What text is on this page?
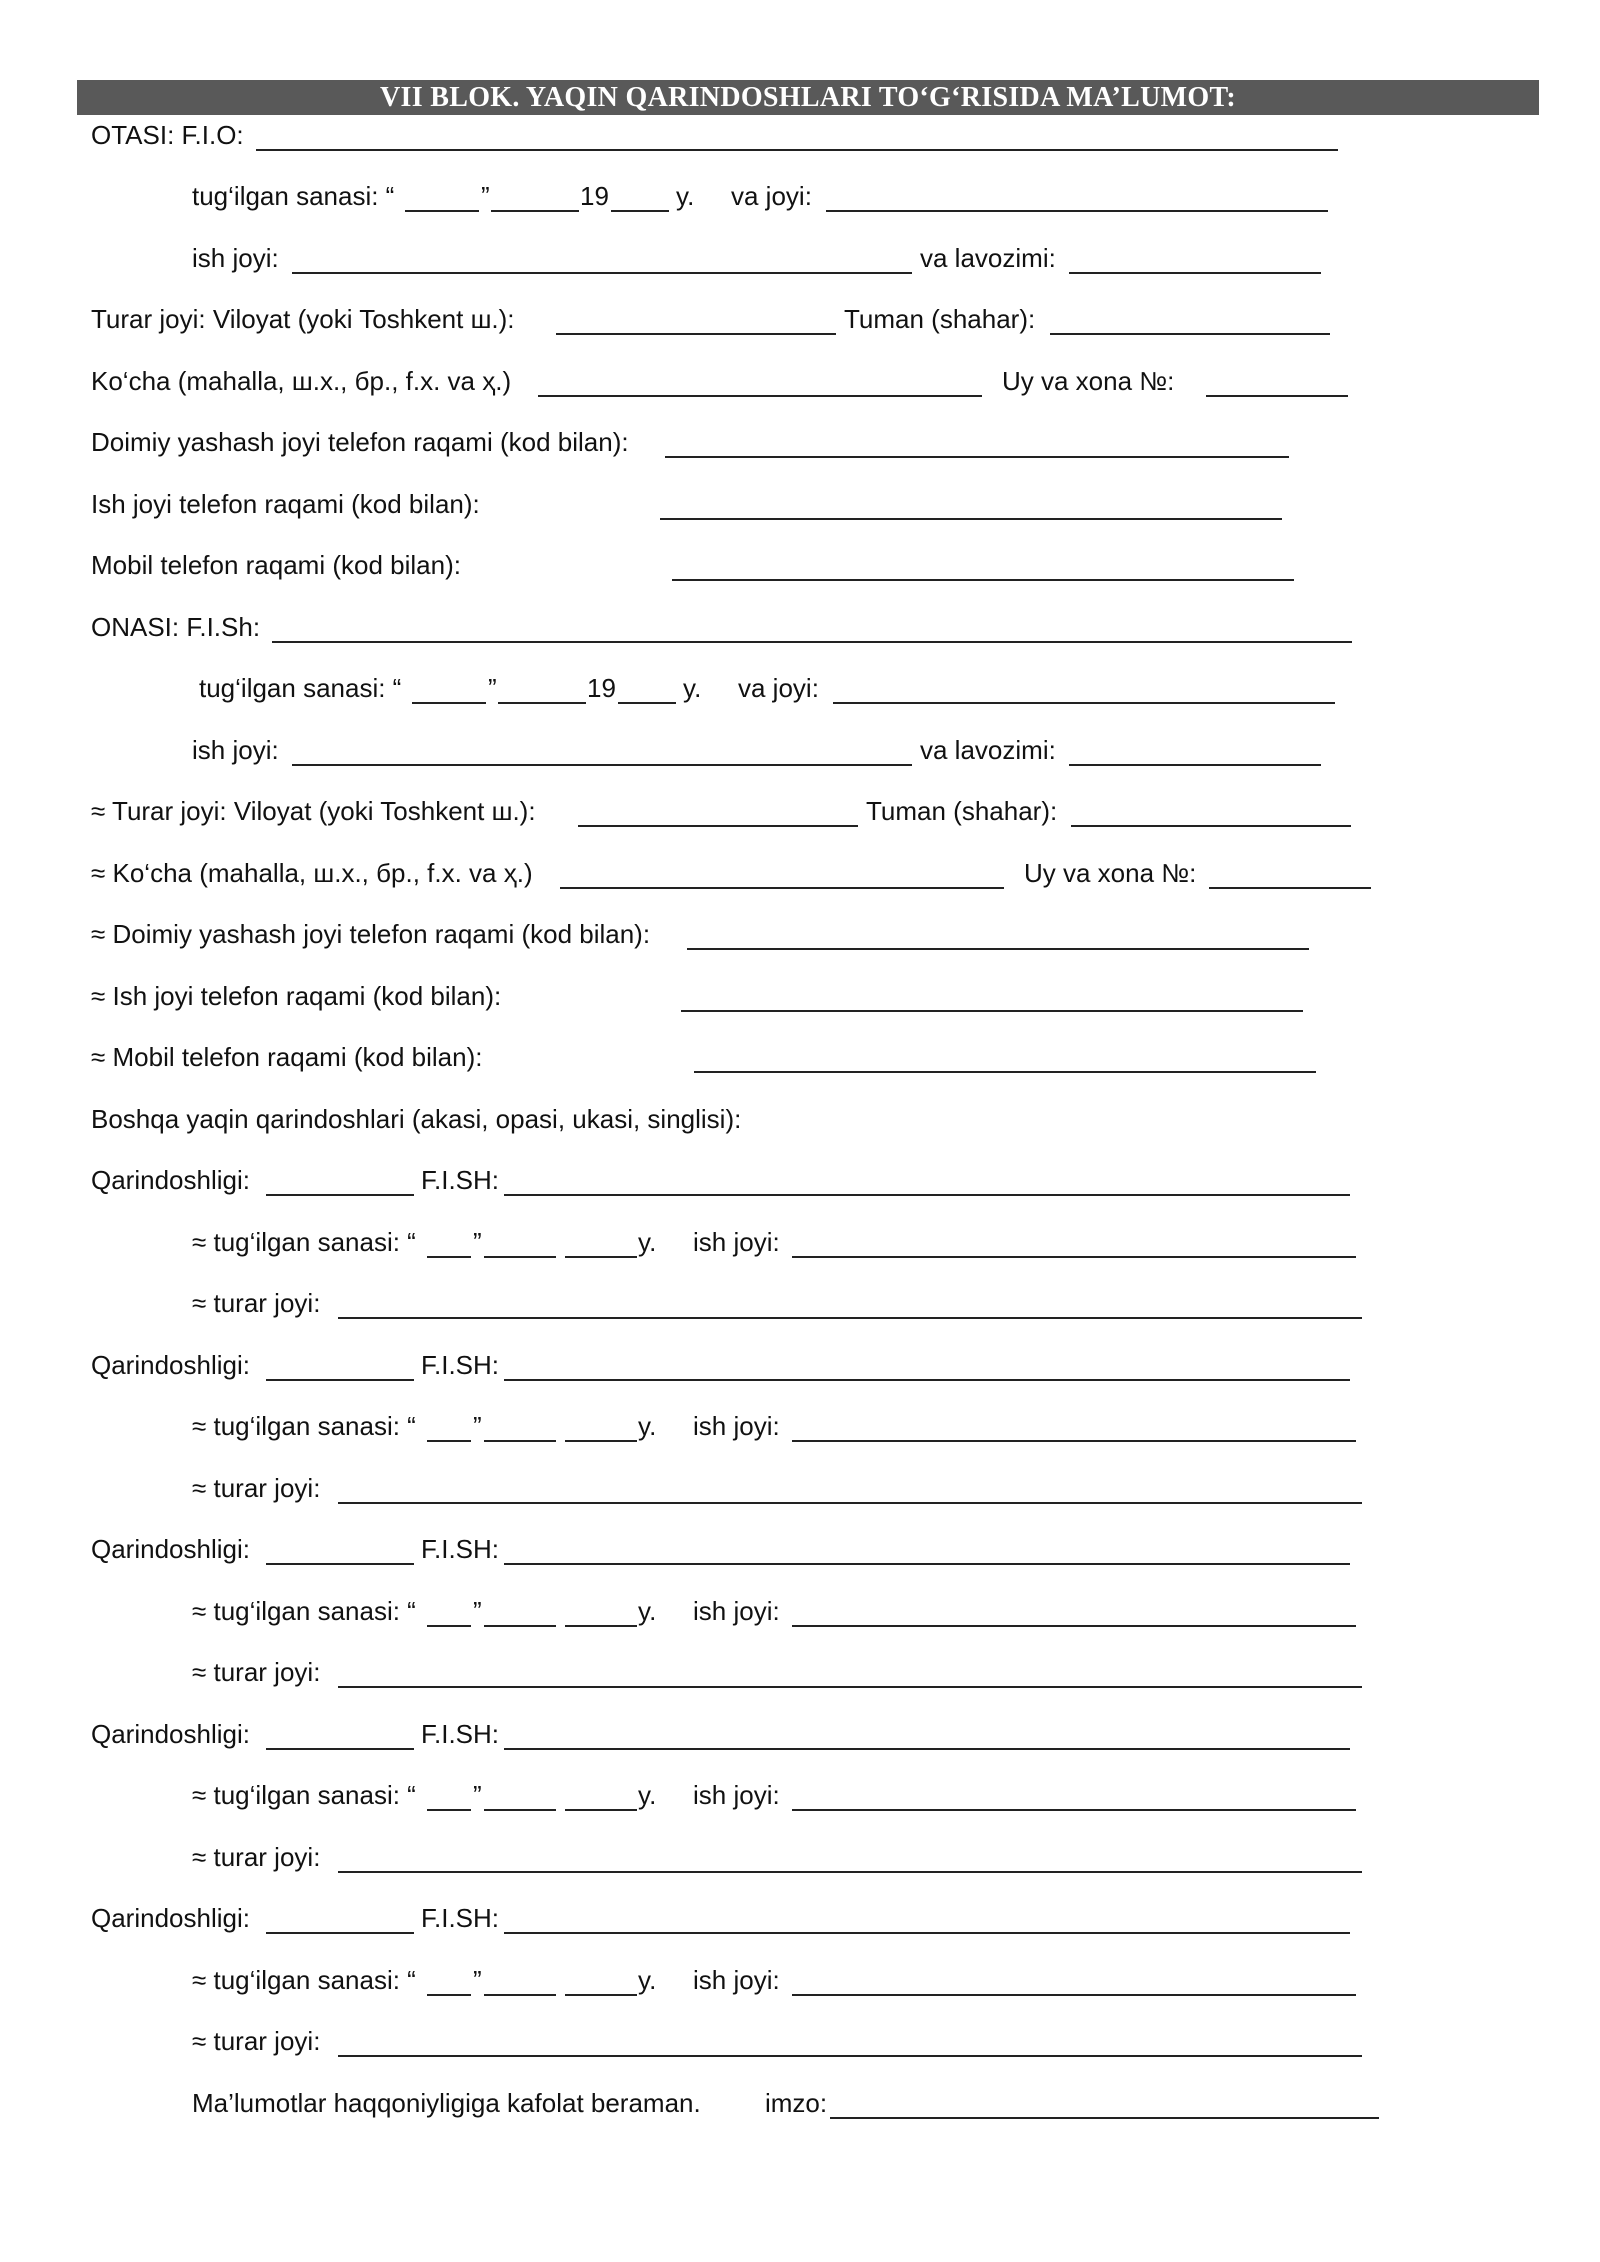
VII BLOK. YAQIN QARINDOSHLARI TO‘G‘RISIDA MA’LUMOT:
OTASI: F.I.O:
tug‘ilgan sanasi: “	”	19	y. va joyi:
ish joyi:	va lavozimi:
Turar joyi: Viloyat (yoki Toshkent ш.):	Tuman (shahar):
Ko‘cha (mahalla, ш.х., бр., f.x. va ҳ.)	Uy va xona №:
Doimiy yashash joyi telefon raqami (kod bilan):
Ish joyi telefon raqami (kod bilan):
Mobil telefon raqami (kod bilan):
ONASI: F.I.Sh:
tug‘ilgan sanasi: “	”	19	y. va joyi:
ish joyi:	va lavozimi:
≈ Turar joyi: Viloyat (yoki Toshkent ш.):	Tuman (shahar):
≈ Ko‘cha (mahalla, ш.х., бр., f.x. va ҳ.)	Uy va xona №:
≈ Doimiy yashash joyi telefon raqami (kod bilan):
≈ Ish joyi telefon raqami (kod bilan):
≈ Mobil telefon raqami (kod bilan):
Boshqa yaqin qarindoshlari (akasi, opasi, ukasi, singlisi):
Qarindoshligi:	F.I.SH:
≈ tug‘ilgan sanasi: “ ”	y. ish joyi:
≈ turar joyi:
Qarindoshligi:	F.I.SH:
≈ tug‘ilgan sanasi: “ ”	y. ish joyi:
≈ turar joyi:
Qarindoshligi:	F.I.SH:
≈ tug‘ilgan sanasi: “ ”	y. ish joyi:
≈ turar joyi:
Qarindoshligi:	F.I.SH:
≈ tug‘ilgan sanasi: “ ”	y. ish joyi:
≈ turar joyi:
Qarindoshligi:	F.I.SH:
≈ tug‘ilgan sanasi: “ ”	y. ish joyi:
≈ turar joyi:
Ma’lumotlar haqqoniyligiga kafolat beraman. imzo:
